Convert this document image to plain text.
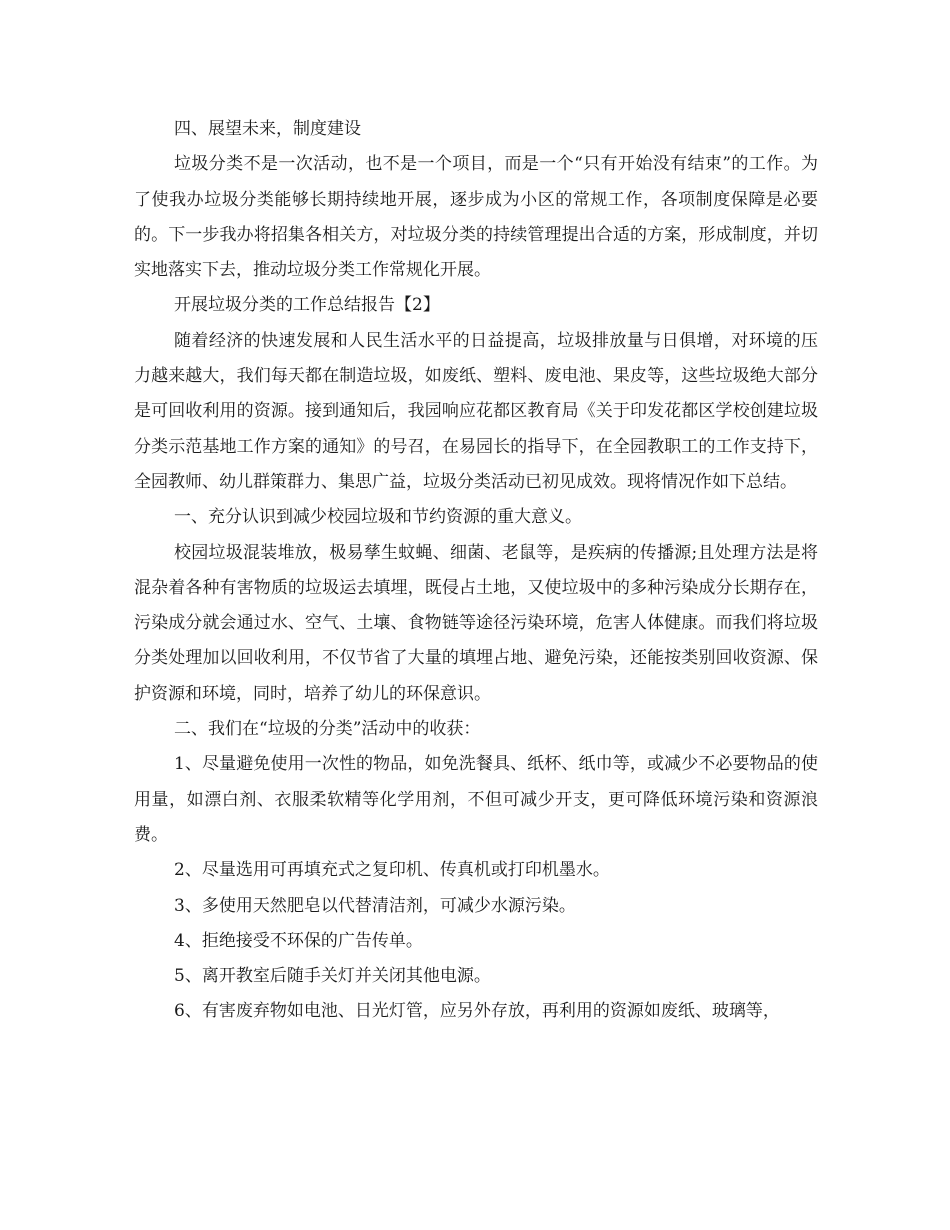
四、展望未来，制度建设

垃圾分类不是一次活动，也不是一个项目，而是一个“只有开始没有结束”的工作。为了使我办垃圾分类能够长期持续地开展，逐步成为小区的常规工作，各项制度保障是必要的。下一步我办将招集各相关方，对垃圾分类的持续管理提出合适的方案，形成制度，并切实地落实下去，推动垃圾分类工作常规化开展。

开展垃圾分类的工作总结报告【2】

随着经济的快速发展和人民生活水平的日益提高，垃圾排放量与日俱增，对环境的压力越来越大，我们每天都在制造垃圾，如废纸、塑料、废电池、果皮等，这些垃圾绝大部分是可回收利用的资源。接到通知后，我园响应花都区教育局《关于印发花都区学校创建垃圾分类示范基地工作方案的通知》的号召，在易园长的指导下，在全园教职工的工作支持下，全园教师、幼儿群策群力、集思广益，垃圾分类活动已初见成效。现将情况作如下总结。

一、充分认识到减少校园垃圾和节约资源的重大意义。

校园垃圾混装堆放，极易孳生蚊蝇、细菌、老鼠等，是疾病的传播源;且处理方法是将混杂着各种有害物质的垃圾运去填埋，既侵占土地，又使垃圾中的多种污染成分长期存在，污染成分就会通过水、空气、土壤、食物链等途径污染环境，危害人体健康。而我们将垃圾分类处理加以回收利用，不仅节省了大量的填埋占地、避免污染，还能按类别回收资源、保护资源和环境，同时，培养了幼儿的环保意识。

二、我们在“垃圾的分类”活动中的收获：

1、尽量避免使用一次性的物品，如免洗餐具、纸杯、纸巾等，或减少不必要物品的使用量，如漂白剂、衣服柔软精等化学用剂，不但可减少开支，更可降低环境污染和资源浪费。

2、尽量选用可再填充式之复印机、传真机或打印机墨水。

3、多使用天然肥皂以代替清洁剂，可减少水源污染。

4、拒绝接受不环保的广告传单。

5、离开教室后随手关灯并关闭其他电源。

6、有害废弃物如电池、日光灯管，应另外存放，再利用的资源如废纸、玻璃等，
